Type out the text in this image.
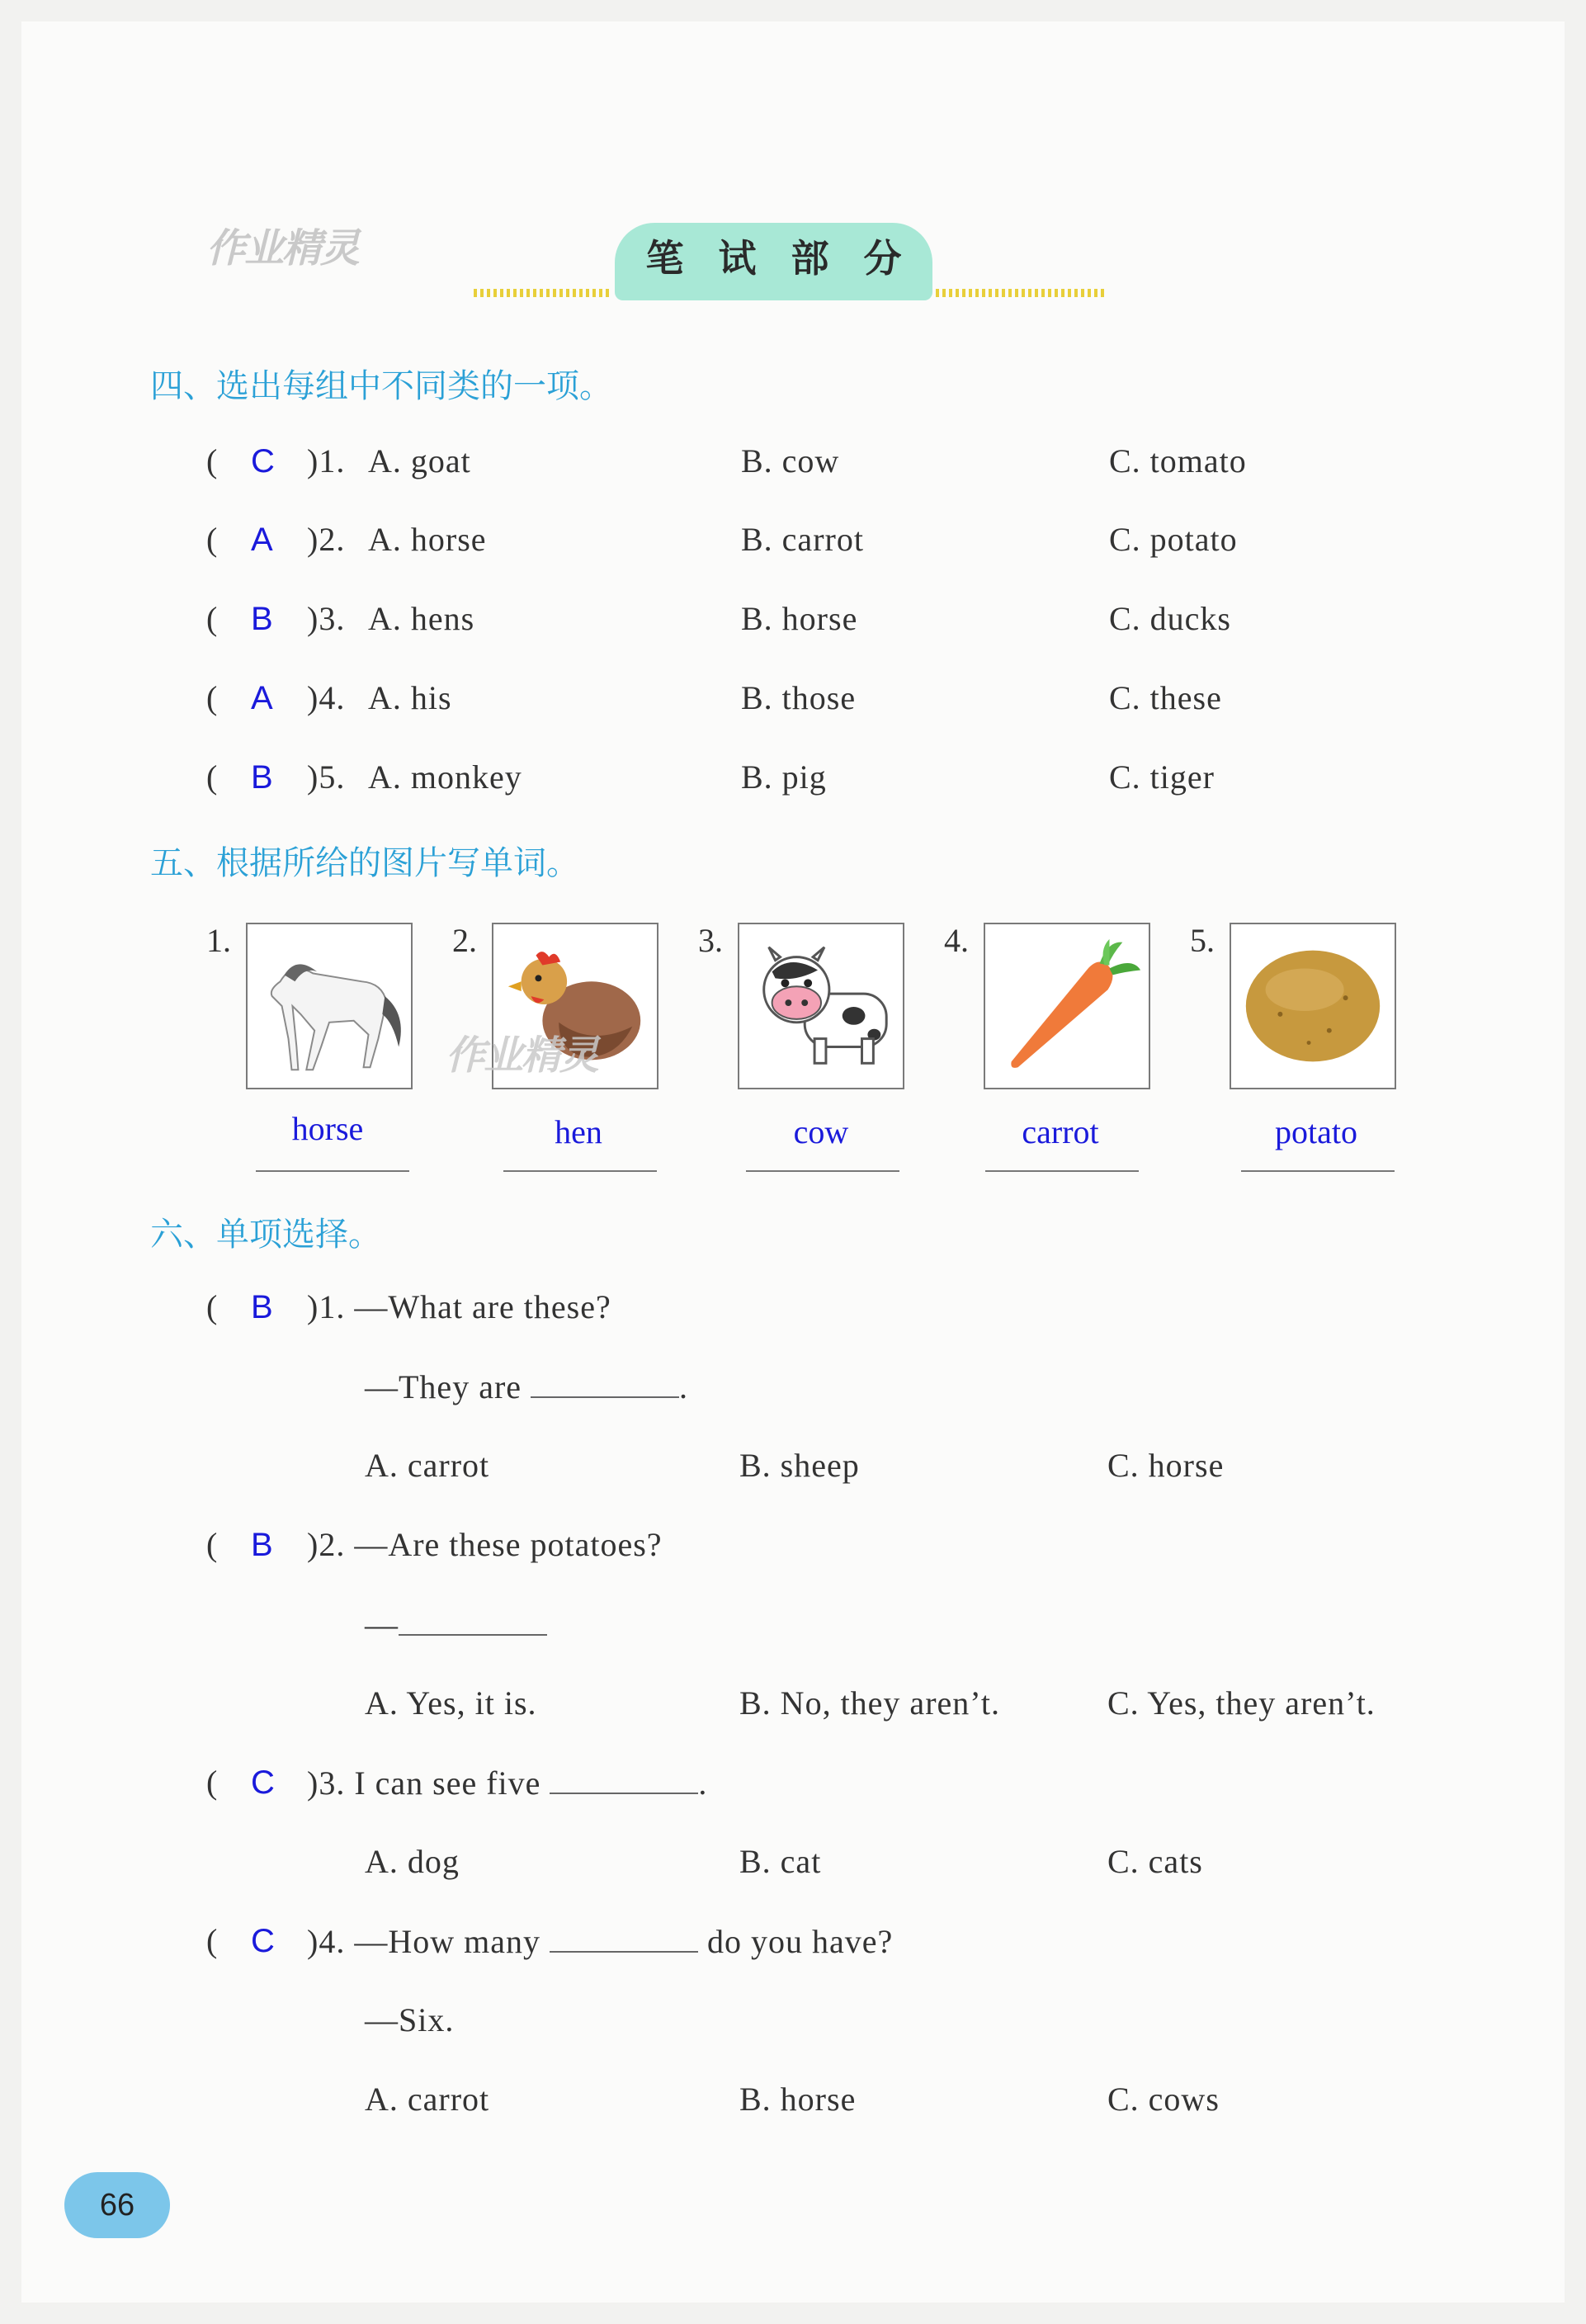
作业精灵	笔 试 部 分
四、选出每组中不同类的一项。
( C )1. A. goat	B. cow	C. tomato
( A )2. A. horse	B. carrot	C. potato
( B )3. A. hens	B. horse	C. ducks
( A )4. A. his	B. those	C. these
( B )5. A. monkey	B. pig	C. tiger
五、根据所给的图片写单词。
1.	2.	3.	4.	5.
作业精灵
horse	hen	cow	carrot	potato
六、单项选择。
( B )1. —What are these?
—They are	.
A. carrot	B. sheep	C. horse
( B )2. —Are these potatoes?
—
A. Yes, it is.	B. No, they aren’t.	C. Yes, they aren’t.
( C )3. I can see five	.
A. dog	B. cat	C. cats
( C )4. —How many	do you have?
—Six.
A. carrot	B. horse	C. cows
66
